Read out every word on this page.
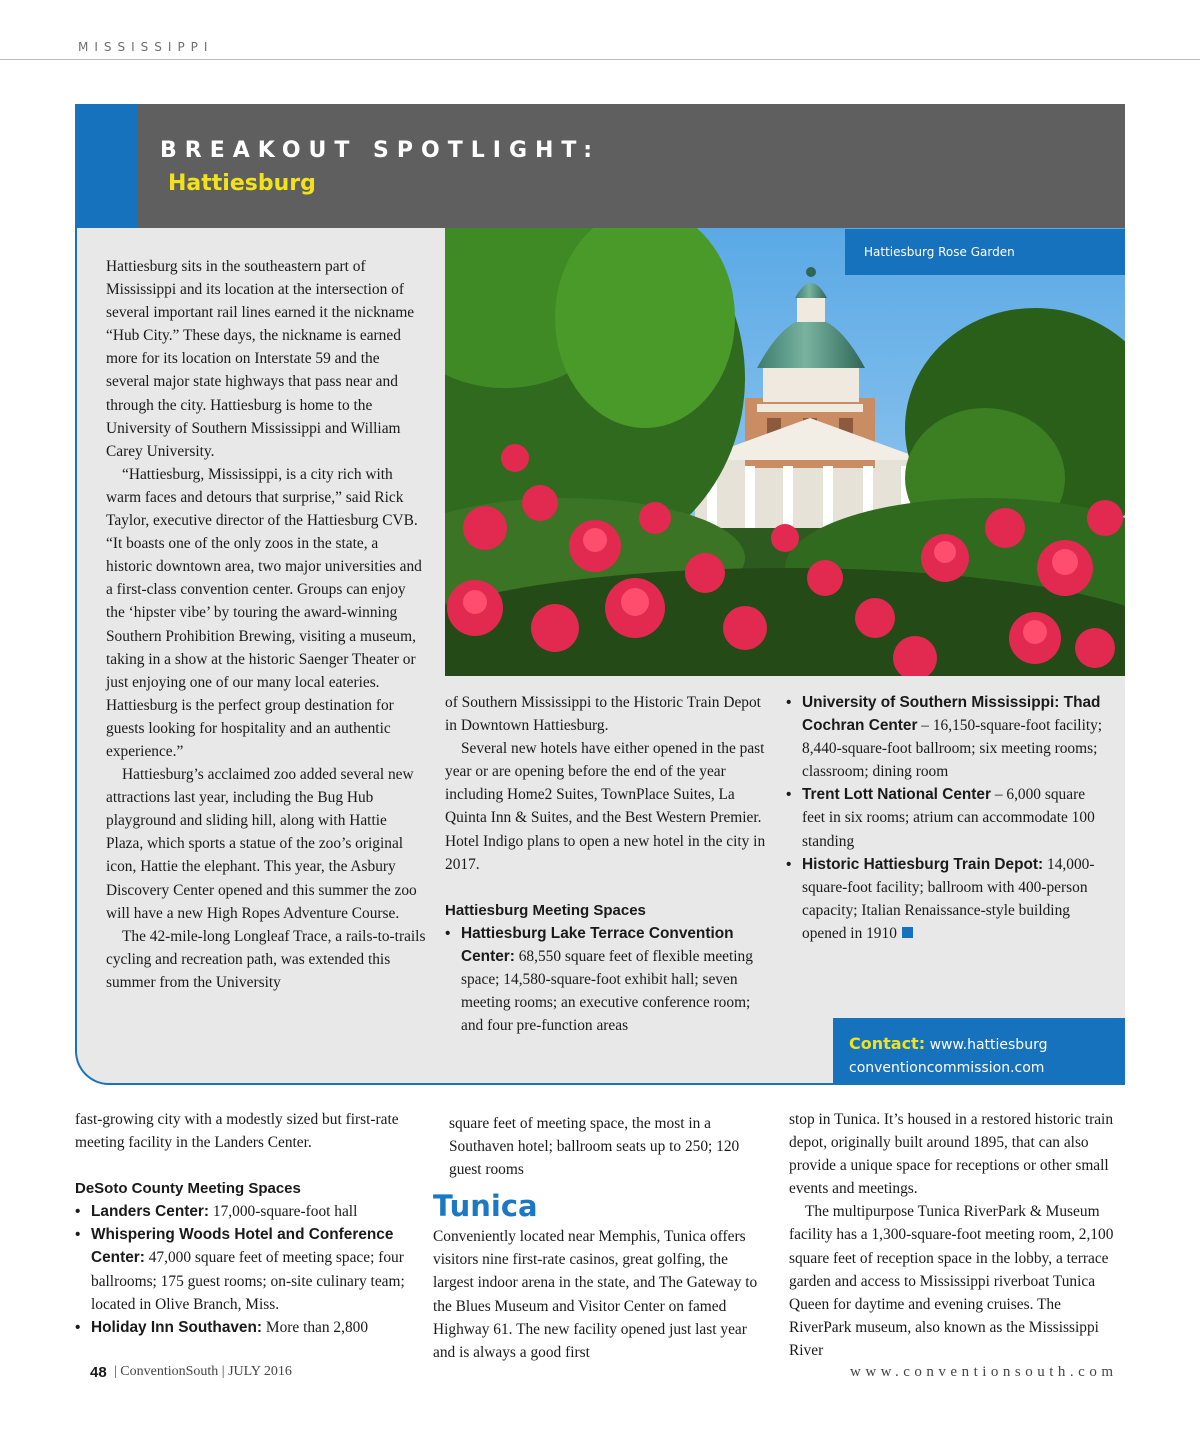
MISSISSIPPI
BREAKOUT SPOTLIGHT:
Hattiesburg
Hattiesburg Rose Garden

Hattiesburg sits in the southeastern part of Mississippi and its location at the intersection of several important rail lines earned it the nickname “Hub City.” These days, the nickname is earned more for its location on Interstate 59 and the several major state highways that pass near and through the city. Hattiesburg is home to the University of Southern Mississippi and William Carey University.

“Hattiesburg, Mississippi, is a city rich with warm faces and detours that surprise,” said Rick Taylor, executive director of the Hattiesburg CVB. “It boasts one of the only zoos in the state, a historic downtown area, two major universities and a first-class convention center. Groups can enjoy the ‘hipster vibe’ by touring the award-winning Southern Prohibition Brewing, visiting a museum, taking in a show at the historic Saenger Theater or just enjoying one of our many local eateries. Hattiesburg is the perfect group destination for guests looking for hospitality and an authentic experience.”

Hattiesburg’s acclaimed zoo added several new attractions last year, including the Bug Hub playground and sliding hill, along with Hattie Plaza, which sports a statue of the zoo’s original icon, Hattie the elephant. This year, the Asbury Discovery Center opened and this summer the zoo will have a new High Ropes Adventure Course.

The 42-mile-long Longleaf Trace, a rails-to-trails cycling and recreation path, was extended this summer from the University

of Southern Mississippi to the Historic Train Depot in Downtown Hattiesburg.

Several new hotels have either opened in the past year or are opening before the end of the year including Home2 Suites, TownPlace Suites, La Quinta Inn & Suites, and the Best Western Premier. Hotel Indigo plans to open a new hotel in the city in 2017.

Hattiesburg Meeting Spaces

• Hattiesburg Lake Terrace Convention Center: 68,550 square feet of flexible meeting space; 14,580-square-foot exhibit hall; seven meeting rooms; an executive conference room; and four pre-function areas

• University of Southern Mississippi: Thad Cochran Center – 16,150-square-foot facility; 8,440-square-foot ballroom; six meeting rooms; classroom; dining room

• Trent Lott National Center – 6,000 square feet in six rooms; atrium can accommodate 100 standing

• Historic Hattiesburg Train Depot: 14,000-square-foot facility; ballroom with 400-person capacity; Italian Renaissance-style building opened in 1910

Contact: www.hattiesburg
conventioncommission.com

fast-growing city with a modestly sized but first-rate meeting facility in the Landers Center.

DeSoto County Meeting Spaces

• Landers Center: 17,000-square-foot hall

• Whispering Woods Hotel and Conference Center: 47,000 square feet of meeting space; four ballrooms; 175 guest rooms; on-site culinary team; located in Olive Branch, Miss.

• Holiday Inn Southaven: More than 2,800

square feet of meeting space, the most in a Southaven hotel; ballroom seats up to 250; 120 guest rooms

Tunica

Conveniently located near Memphis, Tunica offers visitors nine first-rate casinos, great golfing, the largest indoor arena in the state, and The Gateway to the Blues Museum and Visitor Center on famed Highway 61. The new facility opened just last year and is always a good first

stop in Tunica. It’s housed in a restored historic train depot, originally built around 1895, that can also provide a unique space for receptions or other small events and meetings.

The multipurpose Tunica RiverPark & Museum facility has a 1,300-square-foot meeting room, 2,100 square feet of reception space in the lobby, a terrace garden and access to Mississippi riverboat Tunica Queen for daytime and evening cruises. The RiverPark museum, also known as the Mississippi River

48 | ConventionSouth | JULY 2016	www.conventionsouth.com
